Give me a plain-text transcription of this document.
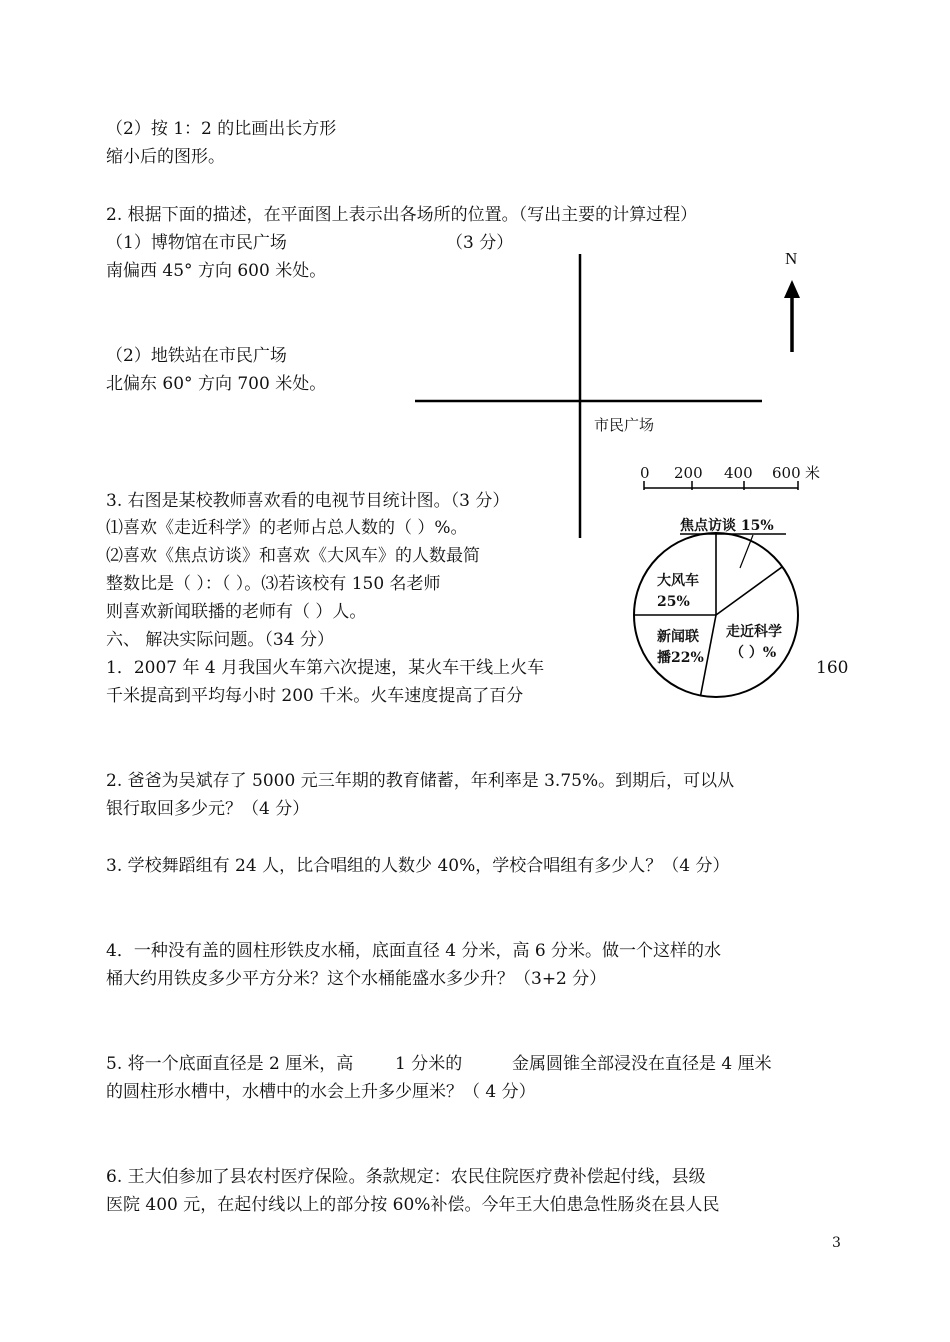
（2）按 1：2 的比画出长方形
缩小后的图形。
2. 根据下面的描述，在平面图上表示出各场所的位置。（写出主要的计算过程）
（1）博物馆在市民广场	（3 分）
南偏西 45° 方向 600 米处。
（2）地铁站在市民广场
北偏东 60° 方向 700 米处。
N
市民广场
0 200 400 600 米
3. 右图是某校教师喜欢看的电视节目统计图。（3 分）
⑴喜欢《走近科学》的老师占总人数的（ ）%。
⑵喜欢《焦点访谈》和喜欢《大风车》的人数最简
整数比是（ ）：（ ）。⑶若该校有 150 名老师
则喜欢新闻联播的老师有（ ）人。
焦点访谈 15%
大风车
25%
新闻联
播22%
走近科学
（ ）%
六、 解决实际问题。（34 分）
1．2007 年 4 月我国火车第六次提速，某火车干线上火车	160
千米提高到平均每小时 200 千米。火车速度提高了百分
2. 爸爸为吴斌存了 5000 元三年期的教育储蓄，年利率是 3.75%。到期后，可以从
银行取回多少元？（4 分）
3. 学校舞蹈组有 24 人，比合唱组的人数少 40%，学校合唱组有多少人？（4 分）
4．一种没有盖的圆柱形铁皮水桶，底面直径 4 分米，高 6 分米。做一个这样的水
桶大约用铁皮多少平方分米？这个水桶能盛水多少升？（3+2 分）
5. 将一个底面直径是 2 厘米，高 1 分米的	金属圆锥全部浸没在直径是 4 厘米
的圆柱形水槽中，水槽中的水会上升多少厘米？（ 4 分）
6. 王大伯参加了县农村医疗保险。条款规定：农民住院医疗费补偿起付线，县级
医院 400 元，在起付线以上的部分按 60%补偿。今年王大伯患急性肠炎在县人民
3
